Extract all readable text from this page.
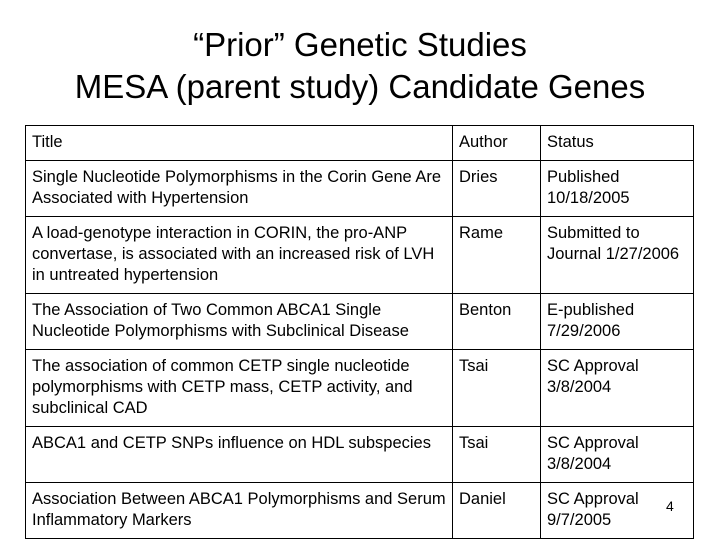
“Prior” Genetic Studies
MESA (parent study) Candidate Genes
Title	Author	Status
Single Nucleotide Polymorphisms in the Corin Gene Are Associated with Hypertension	Dries	Published 10/18/2005
A load-genotype interaction in CORIN, the pro-ANP convertase, is associated with an increased risk of LVH in untreated hypertension	Rame	Submitted to Journal 1/27/2006
The Association of Two Common ABCA1 Single Nucleotide Polymorphisms with Subclinical Disease	Benton	E-published 7/29/2006
The association of common CETP single nucleotide polymorphisms with CETP mass, CETP activity, and subclinical CAD	Tsai	SC Approval 3/8/2004
ABCA1 and CETP SNPs influence on HDL subspecies	Tsai	SC Approval 3/8/2004
Association Between ABCA1 Polymorphisms and Serum Inflammatory Markers	Daniel	SC Approval 9/7/2005
4
